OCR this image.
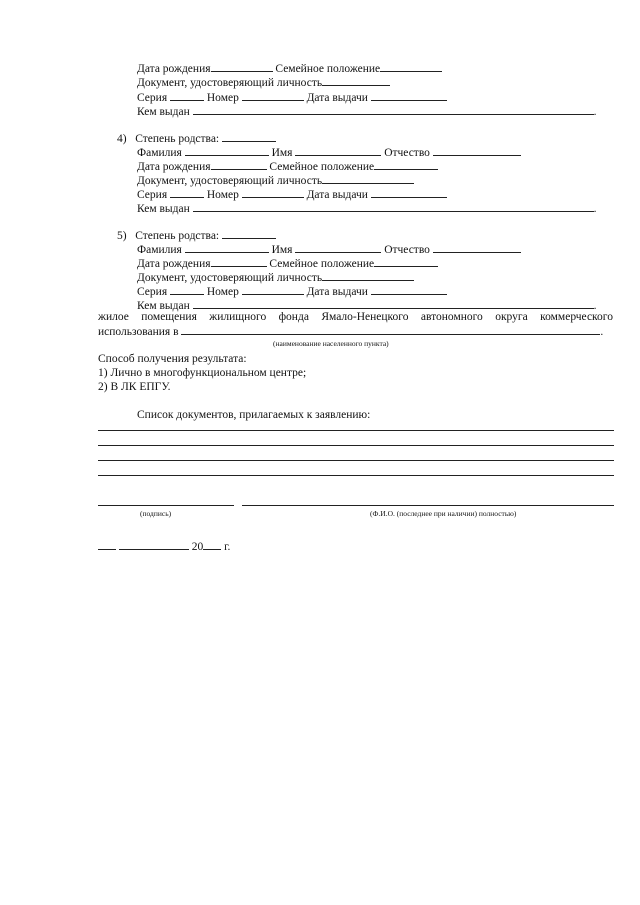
Дата рождения	Семейное положение
Документ, удостоверяющий личность
Серия	Номер	Дата выдачи
Кем выдан	.
4) Степень родства:
Фамилия	Имя	Отчество
Дата рождения	Семейное положение
Документ, удостоверяющий личность
Серия	Номер	Дата выдачи
Кем выдан	.
5) Степень родства:
Фамилия	Имя	Отчество
Дата рождения	Семейное положение
Документ, удостоверяющий личность
Серия	Номер	Дата выдачи
Кем выдан	.
жилое помещения жилищного фонда Ямало-Ненецкого автономного округа коммерческого
использования в	.
(наименование населенного пункта)
Способ получения результата:
1) Лично в многофункциональном центре;
2) В ЛК ЕПГУ.
Список документов, прилагаемых к заявлению:
(подпись)	(Ф.И.О. (последнее при наличии) полностью)
20 г.
